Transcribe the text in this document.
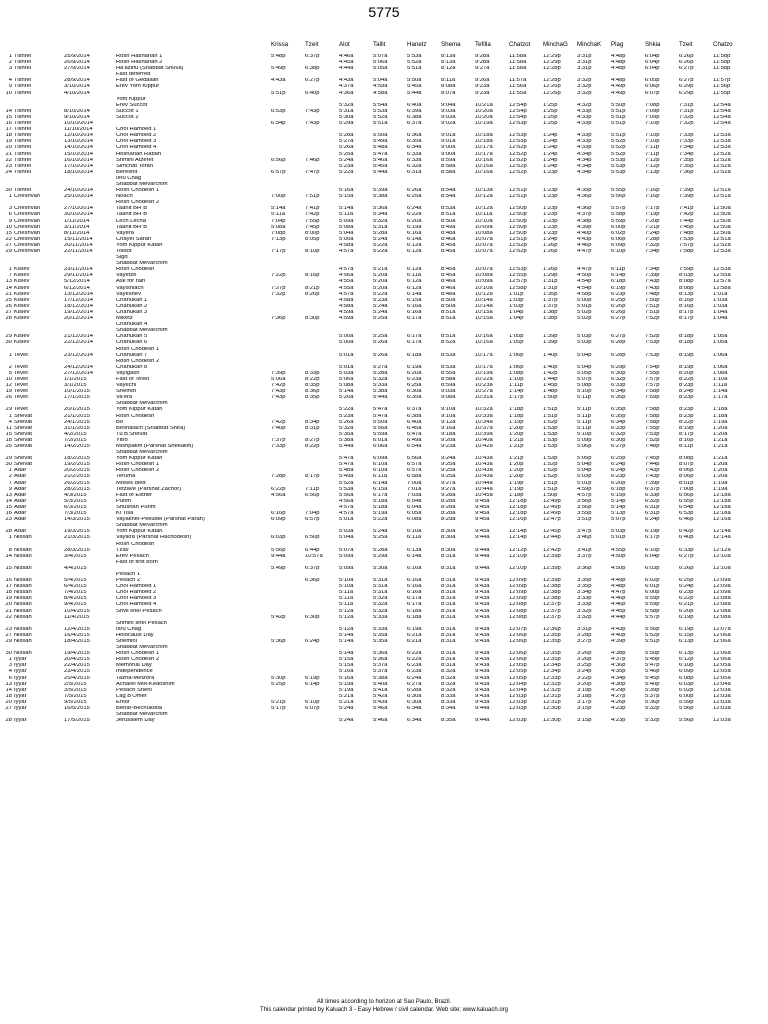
5775
				Krissa	Tzeit	Alot	Tallit	Hanetz	Shema	Tefilla	Chatzot	MinchaG	MinchaK	Plag	Shkia	Tzeit	Chatzo
1	Tishrei	25/9/2014	Rosh Hashanah 1	5:48p	6:37p	4:46a	5:07a	5:53a	8:13a	9:28a	11:58a	12:29p	3:31p	4:48p	6:04p	6:26p	11:58p
2	Tishrei	26/9/2014	Rosh Hashanah 2			4:45a	5:06a	5:52a	8:13a	9:28a	11:58a	12:29p	3:31p	4:48p	6:04p	6:26p	11:58p
3	Tishrei	27/9/2014	Ha'azinu (Shabbat Shuva)	5:49p	6:38p	4:44a	5:05a	5:51a	8:12a	9:27a	11:58a	12:28p	3:31p	4:48p	6:04p	6:27p	11:58p
			Fast deferred														
4	Tishrei	28/9/2014	Fast of Gedaliah	4:43a	6:27p	4:43a	5:04a	5:50a	8:11a	9:26a	11:57a	12:28p	3:32p	4:48p	6:05p	6:27p	11:57p
9	Tishrei	3/10/2014	Erev Yom Kippur			4:37a	4:59a	5:45a	8:08a	9:23a	11:56a	12:26p	3:32p	4:49p	6:06p	6:29p	11:56p
10	Tishrei	4/10/2014		5:51p	6:40p	4:36a	4:58a	5:44a	8:07a	9:23a	11:55a	12:26p	3:32p	4:49p	6:07p	6:29p	11:55p
			Yom Kippur														
			Erev Succot			5:32a	5:54a	6:40a	9:04a	10:21a	12:54p	1:25p	4:32p	5:50p	7:08p	7:31p	12:54a
14	Tishrei	8/10/2014	Succot 1	6:53p	7:43p	5:31a	5:53a	6:39a	9:03a	10:20a	12:54p	1:25p	4:33p	5:51p	7:09p	7:31p	12:54a
15	Tishrei	9/10/2014	Succot 2			5:30a	5:52a	6:38a	9:03a	10:20a	12:54p	1:25p	4:33p	5:51p	7:09p	7:32p	12:54a
16	Tishrei	10/10/2014		6:54p	7:43p	5:29a	5:51a	6:37a	9:02a	10:19a	12:53p	1:25p	4:33p	5:51p	7:10p	7:32p	12:54a
17	Tishrei	11/10/2014	Chol Hamoed 1														
18	Tishrei	12/10/2014	Chol Hamoed 2			5:28a	5:50a	6:36a	9:01a	10:18a	12:53p	1:24p	4:33p	5:51p	7:10p	7:33p	12:53a
19	Tishrei	13/10/2014	Chol Hamoed 3			5:27a	5:49a	6:35a	9:01a	10:18a	12:53p	1:24p	4:33p	5:52p	7:10p	7:33p	12:53a
20	Tishrei	14/10/2014	Chol Hamoed 4			5:26a	5:48a	6:34a	9:00a	10:17a	12:52p	1:24p	4:33p	5:52p	7:11p	7:34p	12:53a
21	Tishrei	15/10/2014	Hoshanah Rabah			5:25a	5:47a	6:33a	9:00a	10:17a	12:52p	1:24p	4:34p	5:52p	7:11p	7:34p	12:52a
22	Tishrei	16/10/2014	Shmini Atzeret	6:56p	7:46p	5:24a	5:46a	6:33a	8:59a	10:16a	12:52p	1:24p	4:34p	5:53p	7:12p	7:35p	12:52a
23	Tishrei	17/10/2014	Simchat Torah			5:23a	5:45a	6:32a	8:58a	10:16a	12:52p	1:24p	4:34p	5:53p	7:12p	7:35p	12:52a
24	Tishrei	18/10/2014	Bereshit	6:57p	7:47p	5:22a	5:44a	6:31a	8:58a	10:16a	12:52p	1:23p	4:34p	5:53p	7:13p	7:36p	12:52a
			Isru Chag														
			Shabbat Mevarchim														
30	Tishrei	24/10/2014	Rosh Chodesh 1			5:16a	5:39a	6:26a	8:54a	10:13a	12:51p	1:23p	4:35p	5:55p	7:16p	7:39p	12:51a
1	Cheshvan	25/10/2014	Noach	7:00p	7:51p	5:15a	5:38a	6:25a	8:54a	10:12a	12:51p	1:23p	4:36p	5:56p	7:16p	7:39p	12:51a
			Rosh Chodesh 2														
3	Cheshvan	27/10/2014	Taanit BH"B	5:14a	7:41p	5:14a	5:36a	6:24a	8:53a	10:12a	12:50p	1:23p	4:36p	5:57p	7:17p	7:41p	12:50a
6	Cheshvan	30/10/2014	Taanit BH"B	5:11a	7:42p	5:11a	5:34a	6:22a	8:51a	10:11a	12:50p	1:23p	4:37p	5:58p	7:19p	7:42p	12:50a
9	Cheshvan	1/11/2014	Lech Lecha	7:04p	7:55p	5:09a	5:32a	6:20a	8:50a	10:10a	12:50p	1:23p	4:38p	5:59p	7:20p	7:44p	12:50a
10	Cheshvan	3/11/2014	Taanit BH"B	5:08a	7:45p	5:08a	5:31a	6:19a	8:49a	10:09a	12:50p	1:23p	4:39p	6:00p	7:21p	7:45p	12:50a
15	Cheshvan	8/11/2014	Vayera	7:08p	8:00p	5:04a	5:28a	6:16a	8:48a	10:08a	12:50p	1:23p	4:40p	6:02p	7:24p	7:48p	12:50a
22	Cheshvan	15/11/2014	Chayei Sarah	7:13p	8:05p	5:00a	5:24a	6:14a	8:46a	10:07a	12:51p	1:24p	4:43p	6:06p	7:28p	7:53p	12:51a
27	Cheshvan	20/11/2014	Yom Kippur Katan			4:58a	5:22a	6:12a	8:45a	10:07a	12:52p	1:26p	4:46p	6:09p	7:32p	7:57p	12:52a
29	Cheshvan	22/11/2014	Toldot	7:17p	8:10p	4:57a	5:22a	6:12a	8:45a	10:07a	12:52p	1:26p	4:47p	6:10p	7:34p	7:58p	12:53a
			Sigd														
			Shabbat Mevarchim														
1	Kislev	23/11/2014	Rosh Chodesh			4:57a	5:21a	6:12a	8:45a	10:07a	12:53p	1:26p	4:47p	6:11p	7:34p	7:59p	12:53a
7	Kislev	29/11/2014	Vayetze	7:22p	8:16p	4:56a	5:20a	6:11a	8:45a	10:08a	12:55p	1:29p	4:50p	6:14p	7:39p	8:03p	12:55a
13	Kislev	5/12/2014	Ask for rain			4:55a	5:20a	6:12a	8:46a	10:09a	12:57p	1:31p	4:54p	6:18p	7:43p	8:08p	12:57a
14	Kislev	6/12/2014	Vayishlach	7:27p	8:21p	4:55a	5:20a	6:12a	8:46a	10:10a	12:58p	1:31p	4:54p	6:19p	7:43p	8:08p	12:58a
21	Kislev	13/12/2014	Vayeshev	7:32p	8:26p	4:57a	5:22a	6:14a	8:48a	10:12a	1:01p	1:35p	4:58p	6:23p	7:48p	8:13p	1:01a
25	Kislev	17/12/2014	Chanukah 1			4:58a	5:23a	6:15a	8:50a	10:14a	1:03p	1:37p	5:00p	6:25p	7:50p	8:16p	1:03a
26	Kislev	18/12/2014	Chanukah 2			4:58a	5:24a	6:16a	8:50a	10:14a	1:03p	1:37p	5:01p	6:26p	7:51p	8:16p	1:03a
27	Kislev	19/12/2014	Chanukah 3			4:59a	5:24a	6:16a	8:51a	10:15a	1:04p	1:38p	5:02p	6:26p	7:51p	8:17p	1:04a
28	Kislev	20/12/2014	Miketz	7:36p	8:30p	4:59a	5:25a	6:17a	8:51a	10:15a	1:04p	1:38p	5:02p	6:27p	7:52p	8:17p	1:04a
			Chanukah 4														
			Shabbat Mevarchim														
29	Kislev	21/12/2014	Chanukah 5			5:00a	5:25a	6:17a	8:51a	10:16a	1:05p	1:39p	5:03p	6:27p	7:52p	8:18p	1:05a
30	Kislev	22/12/2014	Chanukah 6			5:00a	5:26a	6:17a	8:52a	10:16a	1:05p	1:39p	5:03p	6:28p	7:53p	8:18p	1:05a
			Rosh Chodesh 1														
1	Tevet	23/12/2014	Chanukah 7			5:01a	5:26a	6:18a	8:53a	10:17a	1:06p	1:40p	5:04p	6:28p	7:53p	8:19p	1:06a
			Rosh Chodesh 2														
2	Tevet	24/12/2014	Chanukah 8			5:01a	5:27a	6:19a	8:53a	10:17a	1:06p	1:40p	5:04p	6:29p	7:54p	8:19p	1:06a
5	Tevet	27/12/2014	Vayigash	7:39p	8:33p	5:03a	5:28a	6:20a	8:55a	10:19a	1:08p	1:42p	5:05p	6:30p	7:55p	8:20p	1:08a
10	Tevet	1/1/2015	Fast of Tevet	5:06a	8:22p	5:06a	5:32a	6:23a	8:58a	10:22a	1:10p	1:44p	5:07p	6:32p	7:57p	8:22p	1:10a
12	Tevet	3/1/2015	Vayechi	7:42p	8:35p	5:08a	5:33a	6:25a	8:59a	10:23a	1:11p	1:45p	5:08p	6:33p	7:57p	8:23p	1:11a
19	Tevet	10/1/2015	Shemot	7:43p	8:36p	5:14a	5:38a	6:30a	9:03a	10:27a	1:14p	1:48p	5:10p	6:34p	7:58p	8:24p	1:14a
26	Tevet	17/1/2015	Va'era	7:43p	8:35p	5:20a	5:44a	6:35a	9:08a	10:31a	1:17p	1:50p	5:11p	6:35p	7:59p	8:23p	1:17a
			Shabbat Mevarchim														
29	Tevet	20/1/2015	Yom Kippur Katan			5:22a	5:47a	6:37a	9:10a	10:32a	1:18p	1:51p	5:11p	6:35p	7:58p	8:23p	1:18a
1	Shevat	21/1/2015	Rosh Chodesh			5:23a	5:47a	6:38a	9:10a	10:33a	1:18p	1:51p	5:11p	6:35p	7:58p	8:23p	1:18a
4	Shevat	24/1/2015	Bo	7:42p	8:34p	5:26a	5:50a	6:40a	9:12a	10:34a	1:19p	1:52p	5:11p	6:34p	7:58p	8:22p	1:19a
11	Shevat	31/1/2015	Beshalach (Shabbat Shira)	7:40p	8:31p	5:32a	5:56a	6:45a	9:16a	10:37a	1:20p	1:53p	5:11p	6:33p	7:55p	8:19p	1:20a
15	Shevat	4/2/2015	Tu B'Shevat			5:35a	5:59a	6:47a	9:18a	10:39a	1:20p	1:53p	5:10p	6:32p	7:53p	8:17p	1:20a
18	Shevat	7/2/2015	Yitro	7:37p	8:27p	5:38a	6:01a	6:49a	9:20a	10:40a	1:21p	1:53p	5:09p	6:30p	7:52p	8:16p	1:21a
25	Shevat	14/2/2015	Mishpatim (Parshat Shekalim)	7:33p	8:22p	5:44a	6:06a	6:54a	9:23a	10:42a	1:21p	1:53p	5:06p	6:27p	7:48p	8:11p	1:21a
			Shabbat Mevarchim														
29	Shevat	18/2/2015	Yom Kippur Katan			5:47a	6:09a	6:56a	9:24a	10:43a	1:21p	1:53p	5:05p	6:25p	7:45p	8:08p	1:21a
30	Shevat	19/2/2015	Rosh Chodesh 1			5:47a	6:10a	6:57a	9:25a	10:43a	1:20p	1:52p	5:04p	6:24p	7:44p	8:07p	1:20a
1	Adar	20/2/2015	Rosh Chodesh 2			5:48a	6:10a	6:57a	9:25a	10:43a	1:20p	1:52p	5:04p	6:24p	7:43p	8:06p	1:20a
2	Adar	21/2/2015	Teruma	7:28p	8:17p	5:49a	6:11a	6:58a	9:25a	10:43a	1:20p	1:52p	5:03p	6:23p	7:43p	8:06p	1:20a
7	Adar	26/2/2015	Moses died			5:52a	6:14a	7:00a	9:27a	10:44a	1:19p	1:51p	5:01p	6:20p	7:39p	8:01p	1:19a
9	Adar	28/2/2015	Tetzave (Parshat Zachor)	6:22p	7:11p	5:53a	6:15a	7:01a	9:27a	10:44a	1:19p	1:51p	4:59p	6:18p	6:37p	7:00p	1:19a
13	Adar	4/3/2015	Fast of Esther	4:56a	6:56p	5:56a	6:17a	7:03a	9:28a	10:45a	1:18p	1:50p	4:57p	6:15p	6:33p	6:56p	12:18a
14	Adar	5/3/2015	Purim			4:56a	5:18a	6:04a	8:28a	9:45a	12:18p	12:49p	3:56p	5:14p	6:32p	6:55p	12:18a
15	Adar	6/3/2015	Shushan Purim			4:57a	5:18a	6:04a	8:28a	9:45a	12:18p	12:49p	3:56p	5:14p	6:31p	6:54p	12:18a
16	Adar	7/3/2015	Ki Tisa	6:16p	7:04p	4:57a	5:19a	6:05a	8:28a	9:45a	12:18p	12:49p	3:55p	5:13p	6:31p	6:53p	12:18a
23	Adar	14/3/2015	Vayakhel-Pekudei (Parshat Parah)	6:09p	6:57p	5:01a	5:22a	6:08a	8:29a	9:45a	12:16p	12:47p	3:51p	5:07p	6:24p	6:46p	12:16a
			Shabbat Mevarchim														
28	Adar	19/3/2015	Yom Kippur Katan			5:03a	5:24a	6:10a	8:30a	9:45a	12:14p	12:45p	3:47p	5:03p	6:19p	6:42p	12:14a
1	Nissan	21/3/2015	Vayikra (Parshat Hachodesh)	6:03p	6:50p	5:04a	5:25a	6:11a	8:30a	9:44a	12:14p	12:44p	3:46p	5:01p	6:17p	6:40p	12:14a
			Rosh Chodesh														
8	Nissan	28/3/2015	Tzav	5:56p	6:44p	5:07a	5:28a	6:13a	8:30a	9:44a	12:12p	12:42p	3:41p	4:55p	6:10p	6:33p	12:12a
14	Nissan	3/4/2015	Erev Pesach	9:44a	10:57a	5:09a	5:29a	6:14a	8:31a	9:44a	12:10p	12:39p	3:37p	4:50p	6:04p	6:27p	12:10a
			Fast of first born														
15	Nissan	4/4/2015		5:49p	6:37p	5:09a	5:30a	6:16a	8:31a	9:44a	12:10p	12:39p	3:36p	4:50p	6:03p	6:26p	12:10a
			Pesach 1														
16	Nissan	5/4/2015	Pesach 2		6:36p	5:10a	5:31a	6:16a	8:31a	9:43a	12:09p	12:39p	3:35p	4:49p	6:02p	6:25p	12:09a
17	Nissan	6/4/2015	Chol Hamoed 1			5:10a	5:31a	6:16a	8:31a	9:43a	12:09p	12:38p	3:35p	4:48p	6:01p	6:24p	12:09a
18	Nissan	7/4/2015	Chol Hamoed 2			5:11a	5:31a	6:16a	8:31a	9:43a	12:09p	12:38p	3:34p	4:47p	6:00p	6:23p	12:09a
19	Nissan	8/4/2015	Chol Hamoed 3			5:11a	5:32a	6:17a	8:31a	9:43a	12:09p	12:38p	3:33p	4:46p	5:59p	6:22p	12:08a
20	Nissan	9/4/2015	Chol Hamoed 4			5:11a	5:32a	6:17a	8:31a	9:43a	12:08p	12:37p	3:33p	4:46p	5:59p	6:21p	12:08a
21	Nissan	10/4/2015	Shvii shel Pesach			5:12a	5:32a	6:18a	8:31a	9:43a	12:08p	12:37p	3:32p	4:45p	5:58p	6:20p	12:08a
22	Nissan	11/4/2015		5:42p	6:30p	5:12a	5:33a	6:18a	8:31a	9:43a	12:08p	12:37p	3:32p	4:44p	5:57p	6:19p	12:08a
			Shmini shel Pesach														
23	Nissan	12/4/2015	Isru Chag			5:12a	5:33a	6:19a	8:31a	9:43a	12:07p	12:36p	3:31p	4:43p	5:56p	6:19p	12:07a
27	Nissan	16/4/2015	Holocaust Day			5:14a	5:35a	6:21a	8:31a	9:43a	12:06p	12:35p	3:28p	4:40p	5:52p	6:15p	12:06a
29	Nissan	18/4/2015	Shemini	5:36p	6:24p	5:14a	5:35a	6:21a	8:31a	9:43a	12:06p	12:35p	3:27p	4:39p	5:51p	6:13p	12:06a
			Shabbat Mevarchim														
30	Nissan	19/4/2015	Rosh Chodesh 1			5:14a	5:36a	6:22a	8:31a	9:43a	12:06p	12:35p	3:26p	4:38p	5:50p	6:13p	12:06a
1	Iyyar	20/4/2015	Rosh Chodesh 2			5:15a	5:36a	6:22a	8:31a	9:43a	12:06p	12:35p	3:26p	4:37p	5:49p	6:12p	12:06a
3	Iyyar	22/4/2015	Memorial Day			5:15a	5:37a	6:23a	8:31a	9:43a	12:05p	12:34p	3:25p	4:36p	5:47p	6:10p	12:05a
4	Iyyar	23/4/2015	Independence			5:16a	5:37a	6:23a	8:32a	9:43a	12:05p	12:34p	3:24p	4:35p	5:46p	6:09p	12:05a
6	Iyyar	25/4/2015	Tazria-Metzora	5:30p	6:19p	5:16a	5:38a	6:24a	8:32a	9:43a	12:05p	12:33p	3:22p	4:34p	5:45p	6:08p	12:05a
13	Iyyar	2/5/2015	Acharei Mot-Kedoshim	5:25p	6:14p	5:19a	5:40a	6:27a	8:32a	9:43a	12:04p	12:32p	3:20p	4:30p	5:40p	6:03p	12:04a
14	Iyyar	3/5/2015	Pesach Sheni			5:19a	5:41a	6:28a	8:32a	9:43a	12:04p	12:32p	3:19p	4:29p	5:39p	6:02p	12:03a
18	Iyyar	7/5/2015	Lag B'Omer			5:21a	5:42a	6:30a	8:33a	9:43a	12:03p	12:31p	3:18p	4:27p	5:37p	6:00p	12:03a
20	Iyyar	9/5/2015	Emor	5:21p	6:10p	5:21a	5:43a	6:30a	8:33a	9:43a	12:03p	12:31p	3:17p	4:26p	5:36p	5:59p	12:03a
27	Iyyar	16/5/2015	Behar-Bechukotai	5:17p	6:07p	5:24a	5:46a	6:34a	8:34a	9:44a	12:03p	12:30p	3:15p	4:23p	5:32p	5:56p	12:03a
			Shabbat Mevarchim														
28	Iyyar	17/5/2015	Jerusalem Day			5:24a	5:46a	6:34a	8:35a	9:44a	12:03p	12:30p	3:15p	4:23p	5:32p	5:56p	12:03a
All times according to horizon at Sao Paulo, Brazil.
This calendar printed by Kaluach 3 - Easy Hebrew / civil calendar. Web site: www.kaluach.org
